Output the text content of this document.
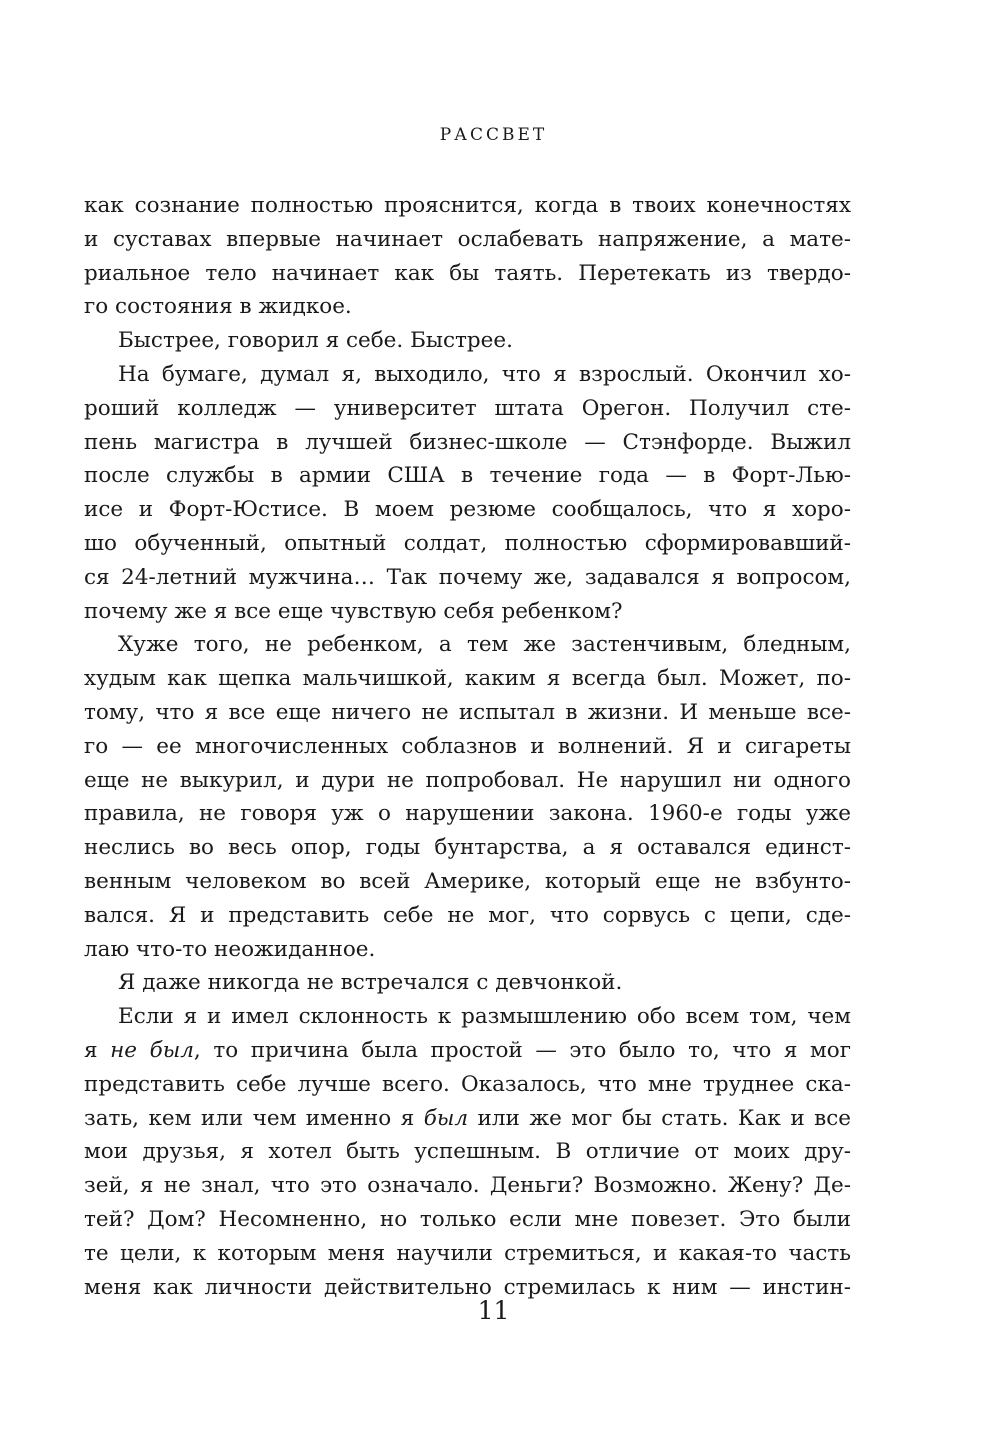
РАССВЕТ
как сознание полностью прояснится, когда в твоих конечностях
и суставах впервые начинает ослабевать напряжение, а мате-
риальное тело начинает как бы таять. Перетекать из твердо-
го состояния в жидкое.
Быстрее, говорил я себе. Быстрее.
На бумаге, думал я, выходило, что я взрослый. Окончил хо-
роший колледж — университет штата Орегон. Получил сте-
пень магистра в лучшей бизнес-школе — Стэнфорде. Выжил
после службы в армии США в течение года — в Форт-Лью-
исе и Форт-Юстисе. В моем резюме сообщалось, что я хоро-
шо обученный, опытный солдат, полностью сформировавший-
ся 24-летний мужчина… Так почему же, задавался я вопросом,
почему же я все еще чувствую себя ребенком?
Хуже того, не ребенком, а тем же застенчивым, бледным,
худым как щепка мальчишкой, каким я всегда был. Может, по-
тому, что я все еще ничего не испытал в жизни. И меньше все-
го — ее многочисленных соблазнов и волнений. Я и сигареты
еще не выкурил, и дури не попробовал. Не нарушил ни одного
правила, не говоря уж о нарушении закона. 1960-е годы уже
неслись во весь опор, годы бунтарства, а я оставался единст-
венным человеком во всей Америке, который еще не взбунто-
вался. Я и представить себе не мог, что сорвусь с цепи, сде-
лаю что-то неожиданное.
Я даже никогда не встречался с девчонкой.
Если я и имел склонность к размышлению обо всем том, чем
я не был, то причина была простой — это было то, что я мог
представить себе лучше всего. Оказалось, что мне труднее ска-
зать, кем или чем именно я был или же мог бы стать. Как и все
мои друзья, я хотел быть успешным. В отличие от моих дру-
зей, я не знал, что это означало. Деньги? Возможно. Жену? Де-
тей? Дом? Несомненно, но только если мне повезет. Это были
те цели, к которым меня научили стремиться, и какая-то часть
меня как личности действительно стремилась к ним — инстин-
11
